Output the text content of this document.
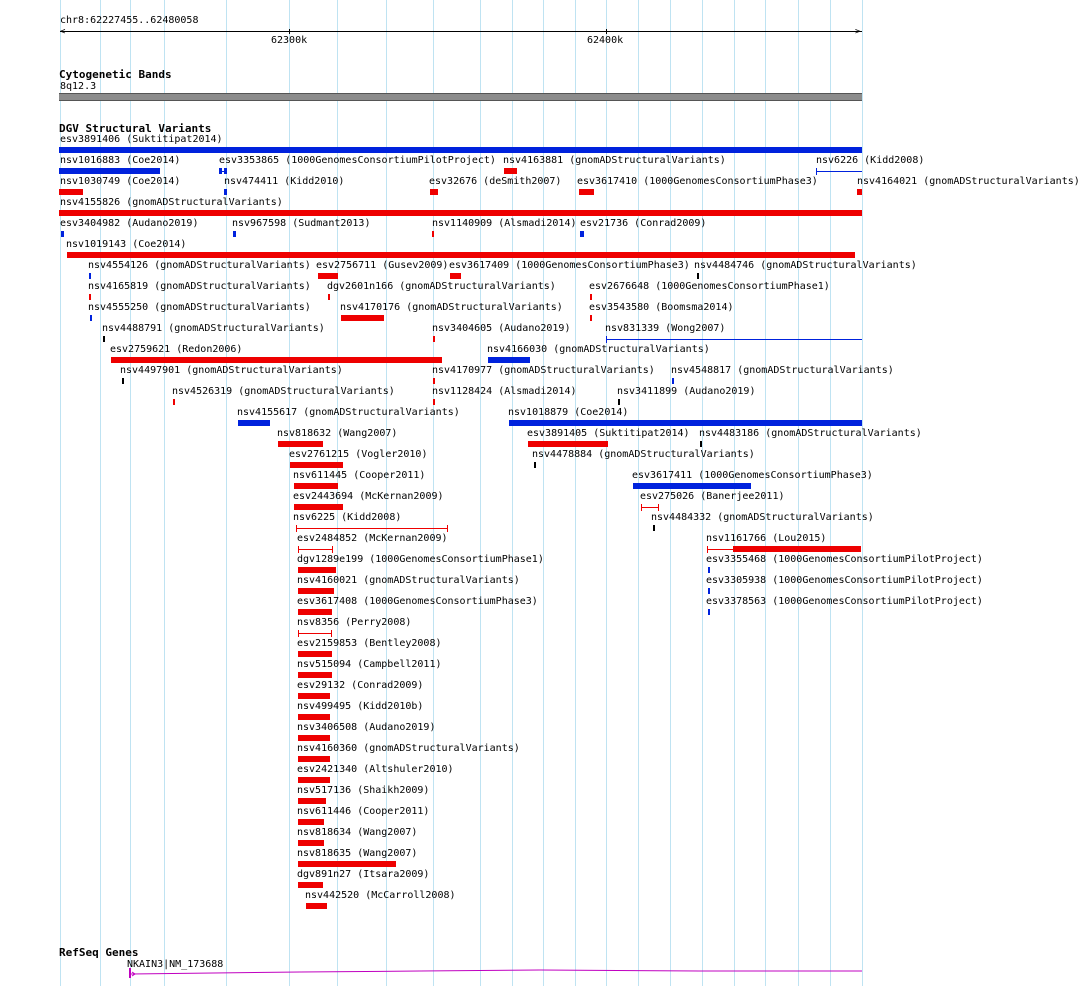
chr8:62227455..62480058
<	>
62300k	62400k
Cytogenetic Bands
8q12.3
DGV Structural Variants
esv3891406 (Suktitipat2014)
nsv1016883 (Coe2014)	esv3353865 (1000GenomesConsortiumPilotProject) nsv4163881 (gnomADStructuralVariants)	nsv6226 (Kidd2008)
nsv1030749 (Coe2014)	nsv474411 (Kidd2010)	esv32676 (deSmith2007) esv3617410 (1000GenomesConsortiumPhase3)	nsv4164021 (gnomADStructuralVariants)
nsv4155826 (gnomADStructuralVariants)
esv3404982 (Audano2019)	nsv967598 (Sudmant2013)	nsv1140909 (Alsmadi2014) esv21736 (Conrad2009)
nsv1019143 (Coe2014)
nsv4554126 (gnomADStructuralVariants) esv2756711 (Gusev2009) esv3617409 (1000GenomesConsortiumPhase3) nsv4484746 (gnomADStructuralVariants)
nsv4165819 (gnomADStructuralVariants) dgv2601n166 (gnomADStructuralVariants)	esv2676648 (1000GenomesConsortiumPhase1)
nsv4555250 (gnomADStructuralVariants)	nsv4170176 (gnomADStructuralVariants)	esv3543580 (Boomsma2014)
nsv4488791 (gnomADStructuralVariants)	nsv3404605 (Audano2019)	nsv831339 (Wong2007)
esv2759621 (Redon2006)	nsv4166030 (gnomADStructuralVariants)
nsv4497901 (gnomADStructuralVariants)	nsv4170977 (gnomADStructuralVariants) nsv4548817 (gnomADStructuralVariants)
nsv4526319 (gnomADStructuralVariants)	nsv1128424 (Alsmadi2014)	nsv3411899 (Audano2019)
nsv4155617 (gnomADStructuralVariants)	nsv1018879 (Coe2014)
nsv818632 (Wang2007)	esv3891405 (Suktitipat2014) nsv4483186 (gnomADStructuralVariants)
esv2761215 (Vogler2010)	nsv4478884 (gnomADStructuralVariants)
nsv611445 (Cooper2011)	esv3617411 (1000GenomesConsortiumPhase3)
esv2443694 (McKernan2009)	esv275026 (Banerjee2011)
nsv6225 (Kidd2008)	nsv4484332 (gnomADStructuralVariants)
esv2484852 (McKernan2009)	nsv1161766 (Lou2015)
dgv1289e199 (1000GenomesConsortiumPhase1)	esv3355468 (1000GenomesConsortiumPilotProject)
nsv4160021 (gnomADStructuralVariants)	esv3305938 (1000GenomesConsortiumPilotProject)
esv3617408 (1000GenomesConsortiumPhase3)	esv3378563 (1000GenomesConsortiumPilotProject)
nsv8356 (Perry2008)
esv2159853 (Bentley2008)
nsv515094 (Campbell2011)
esv29132 (Conrad2009)
nsv499495 (Kidd2010b)
nsv3406508 (Audano2019)
nsv4160360 (gnomADStructuralVariants)
esv2421340 (Altshuler2010)
nsv517136 (Shaikh2009)
nsv611446 (Cooper2011)
nsv818634 (Wang2007)
nsv818635 (Wang2007)
dgv891n27 (Itsara2009)
nsv442520 (McCarroll2008)
RefSeq Genes
NKAIN3|NM_173688
